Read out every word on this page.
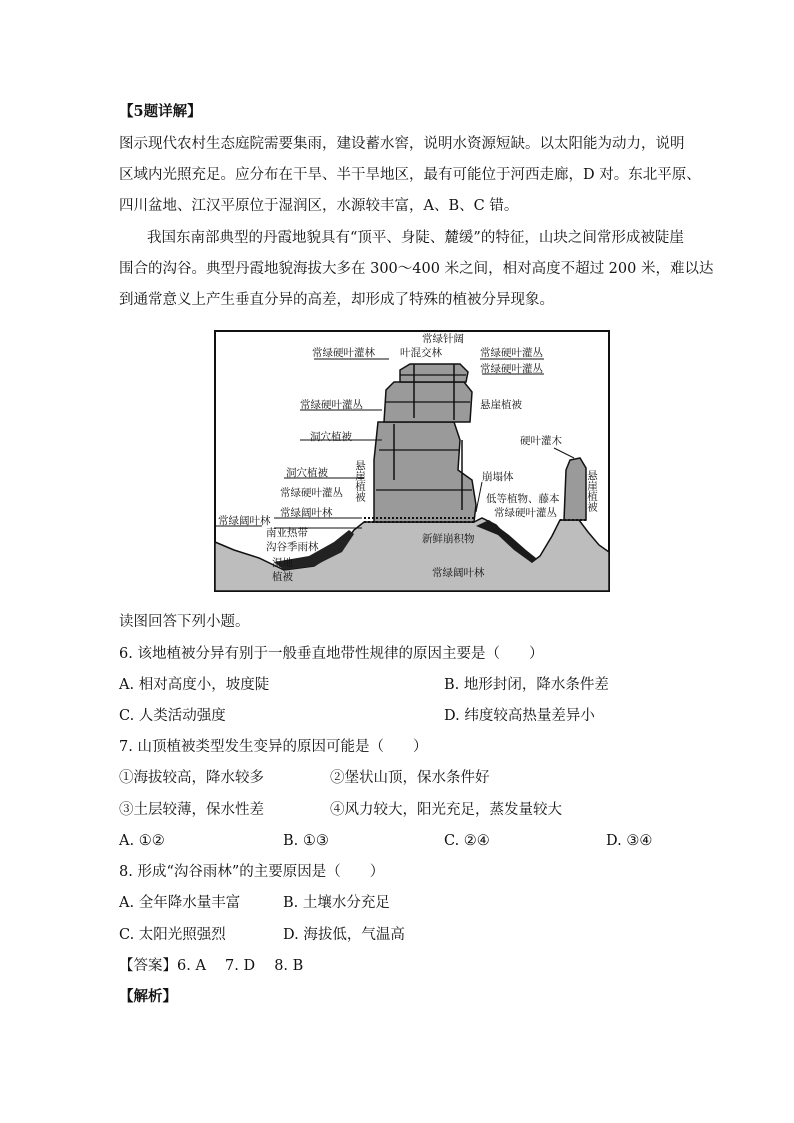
【5题详解】
图示现代农村生态庭院需要集雨，建设蓄水窖，说明水资源短缺。以太阳能为动力，说明
区域内光照充足。应分布在干旱、半干旱地区，最有可能位于河西走廊，D 对。东北平原、
四川盆地、江汉平原位于湿润区，水源较丰富，A、B、C 错。
我国东南部典型的丹霞地貌具有“顶平、身陡、麓缓”的特征，山块之间常形成被陡崖
围合的沟谷。典型丹霞地貌海拔大多在 300～400 米之间，相对高度不超过 200 米，难以达
到通常意义上产生垂直分异的高差，却形成了特殊的植被分异现象。
常绿针阔
叶混交林
常绿硬叶灌林	常绿硬叶灌丛
常绿硬叶灌丛
常绿硬叶灌丛	悬崖植被
洞穴植被
悬崖植被
洞穴植被
常绿硬叶灌丛
常绿阔叶林
常绿阔叶林
南亚热带
沟谷季雨林
湿地
植被
崩塌体
低等植物、藤本
常绿硬叶灌丛
硬叶灌木
悬崖植被
新鲜崩积物
常绿阔叶林
读图回答下列小题。
6. 该地植被分异有别于一般垂直地带性规律的原因主要是（　　）
A. 相对高度小，坡度陡	B. 地形封闭，降水条件差
C. 人类活动强度	D. 纬度较高热量差异小
7. 山顶植被类型发生变异的原因可能是（　　）
①海拔较高，降水较多	②堡状山顶，保水条件好
③土层较薄，保水性差	④风力较大，阳光充足，蒸发量较大
A. ①②	B. ①③	C. ②④	D. ③④
8. 形成“沟谷雨林”的主要原因是（　　）
A. 全年降水量丰富	B. 土壤水分充足
C. 太阳光照强烈	D. 海拔低，气温高
【答案】6. A　 7. D　 8. B
【解析】
